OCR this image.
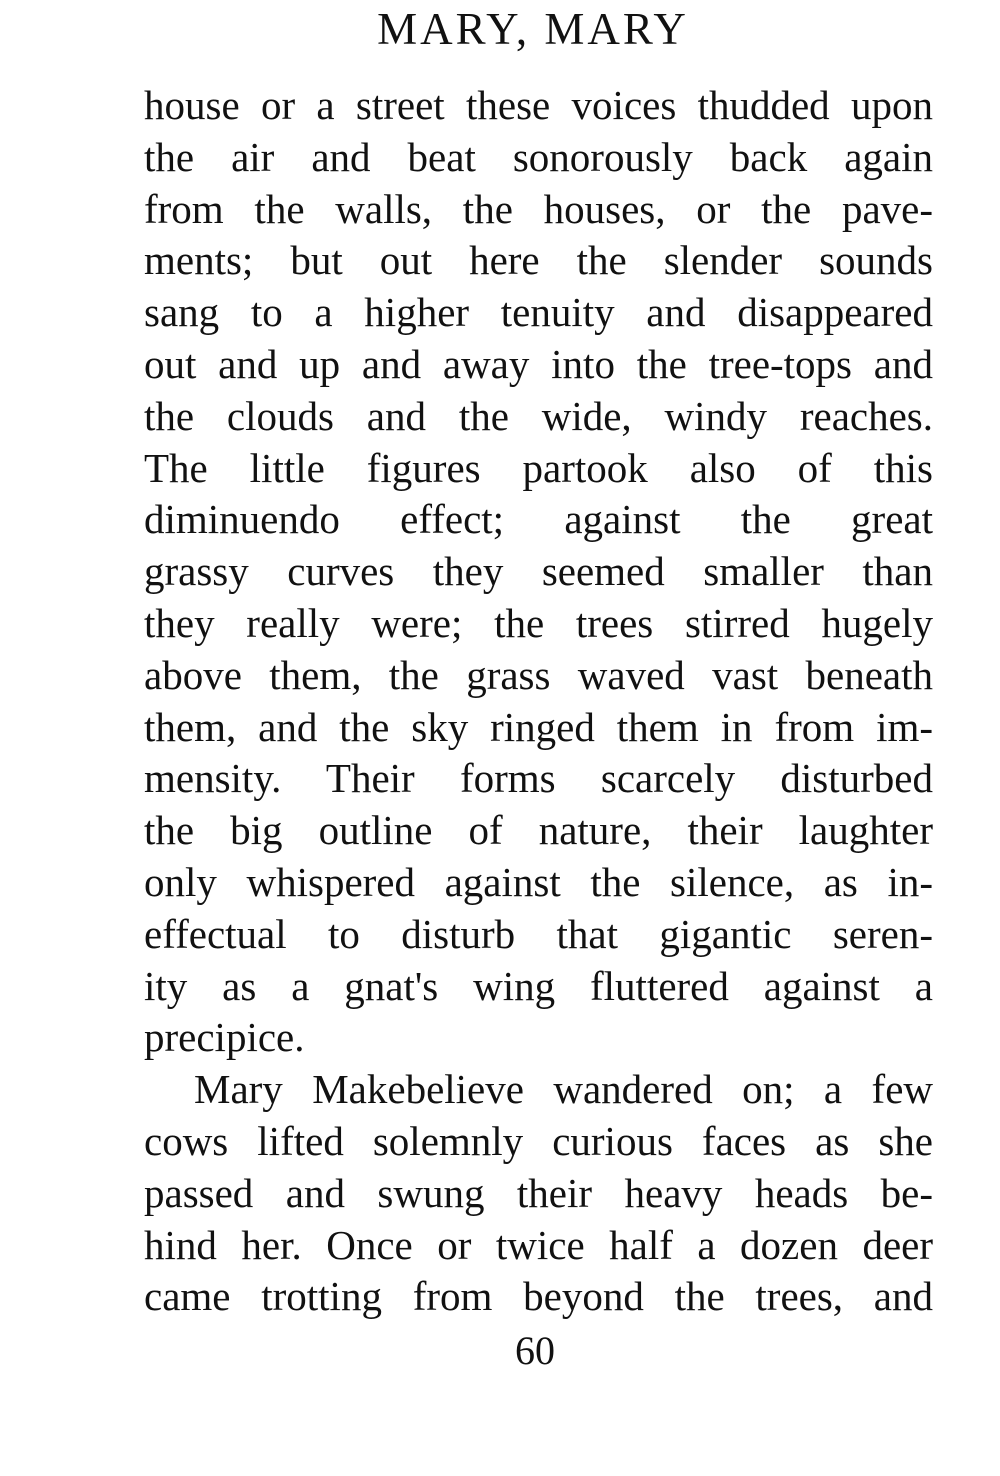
MARY, MARY
house or a street these voices thudded upon
the air and beat sonorously back again
from the walls, the houses, or the pave-
ments; but out here the slender sounds
sang to a higher tenuity and disappeared
out and up and away into the tree-tops and
the clouds and the wide, windy reaches.
The little figures partook also of this
diminuendo effect; against the great
grassy curves they seemed smaller than
they really were; the trees stirred hugely
above them, the grass waved vast beneath
them, and the sky ringed them in from im-
mensity. Their forms scarcely disturbed
the big outline of nature, their laughter
only whispered against the silence, as in-
effectual to disturb that gigantic seren-
ity as a gnat's wing fluttered against a
precipice.
Mary Makebelieve wandered on; a few
cows lifted solemnly curious faces as she
passed and swung their heavy heads be-
hind her. Once or twice half a dozen deer
came trotting from beyond the trees, and
60
